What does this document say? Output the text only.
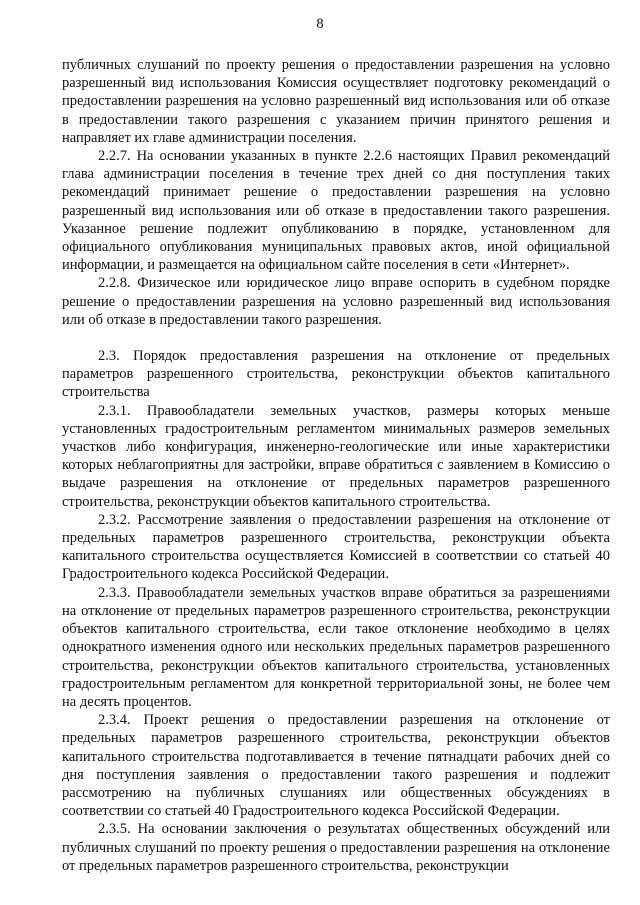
8

публичных слушаний по проекту решения о предоставлении разрешения на условно разрешенный вид использования Комиссия осуществляет подготовку рекомендаций о предоставлении разрешения на условно разрешенный вид использования или об отказе в предоставлении такого разрешения с указанием причин принятого решения и направляет их главе администрации поселения.

2.2.7. На основании указанных в пункте 2.2.6 настоящих Правил рекомендаций глава администрации поселения в течение трех дней со дня поступления таких рекомендаций принимает решение о предоставлении разрешения на условно разрешенный вид использования или об отказе в предоставлении такого разрешения. Указанное решение подлежит опубликованию в порядке, установленном для официального опубликования муниципальных правовых актов, иной официальной информации, и размещается на официальном сайте поселения в сети «Интернет».

2.2.8. Физическое или юридическое лицо вправе оспорить в судебном порядке решение о предоставлении разрешения на условно разрешенный вид использования или об отказе в предоставлении такого разрешения.

2.3. Порядок предоставления разрешения на отклонение от предельных параметров разрешенного строительства, реконструкции объектов капитального строительства

2.3.1. Правообладатели земельных участков, размеры которых меньше установленных градостроительным регламентом минимальных размеров земельных участков либо конфигурация, инженерно-геологические или иные характеристики которых неблагоприятны для застройки, вправе обратиться с заявлением в Комиссию о выдаче разрешения на отклонение от предельных параметров разрешенного строительства, реконструкции объектов капитального строительства.

2.3.2. Рассмотрение заявления о предоставлении разрешения на отклонение от предельных параметров разрешенного строительства, реконструкции объекта капитального строительства осуществляется Комиссией в соответствии со статьей 40 Градостроительного кодекса Российской Федерации.

2.3.3. Правообладатели земельных участков вправе обратиться за разрешениями на отклонение от предельных параметров разрешенного строительства, реконструкции объектов капитального строительства, если такое отклонение необходимо в целях однократного изменения одного или нескольких предельных параметров разрешенного строительства, реконструкции объектов капитального строительства, установленных градостроительным регламентом для конкретной территориальной зоны, не более чем на десять процентов.

2.3.4. Проект решения о предоставлении разрешения на отклонение от предельных параметров разрешенного строительства, реконструкции объектов капитального строительства подготавливается в течение пятнадцати рабочих дней со дня поступления заявления о предоставлении такого разрешения и подлежит рассмотрению на публичных слушаниях или общественных обсуждениях в соответствии со статьей 40 Градостроительного кодекса Российской Федерации.

2.3.5. На основании заключения о результатах общественных обсуждений или публичных слушаний по проекту решения о предоставлении разрешения на отклонение от предельных параметров разрешенного строительства, реконструкции
